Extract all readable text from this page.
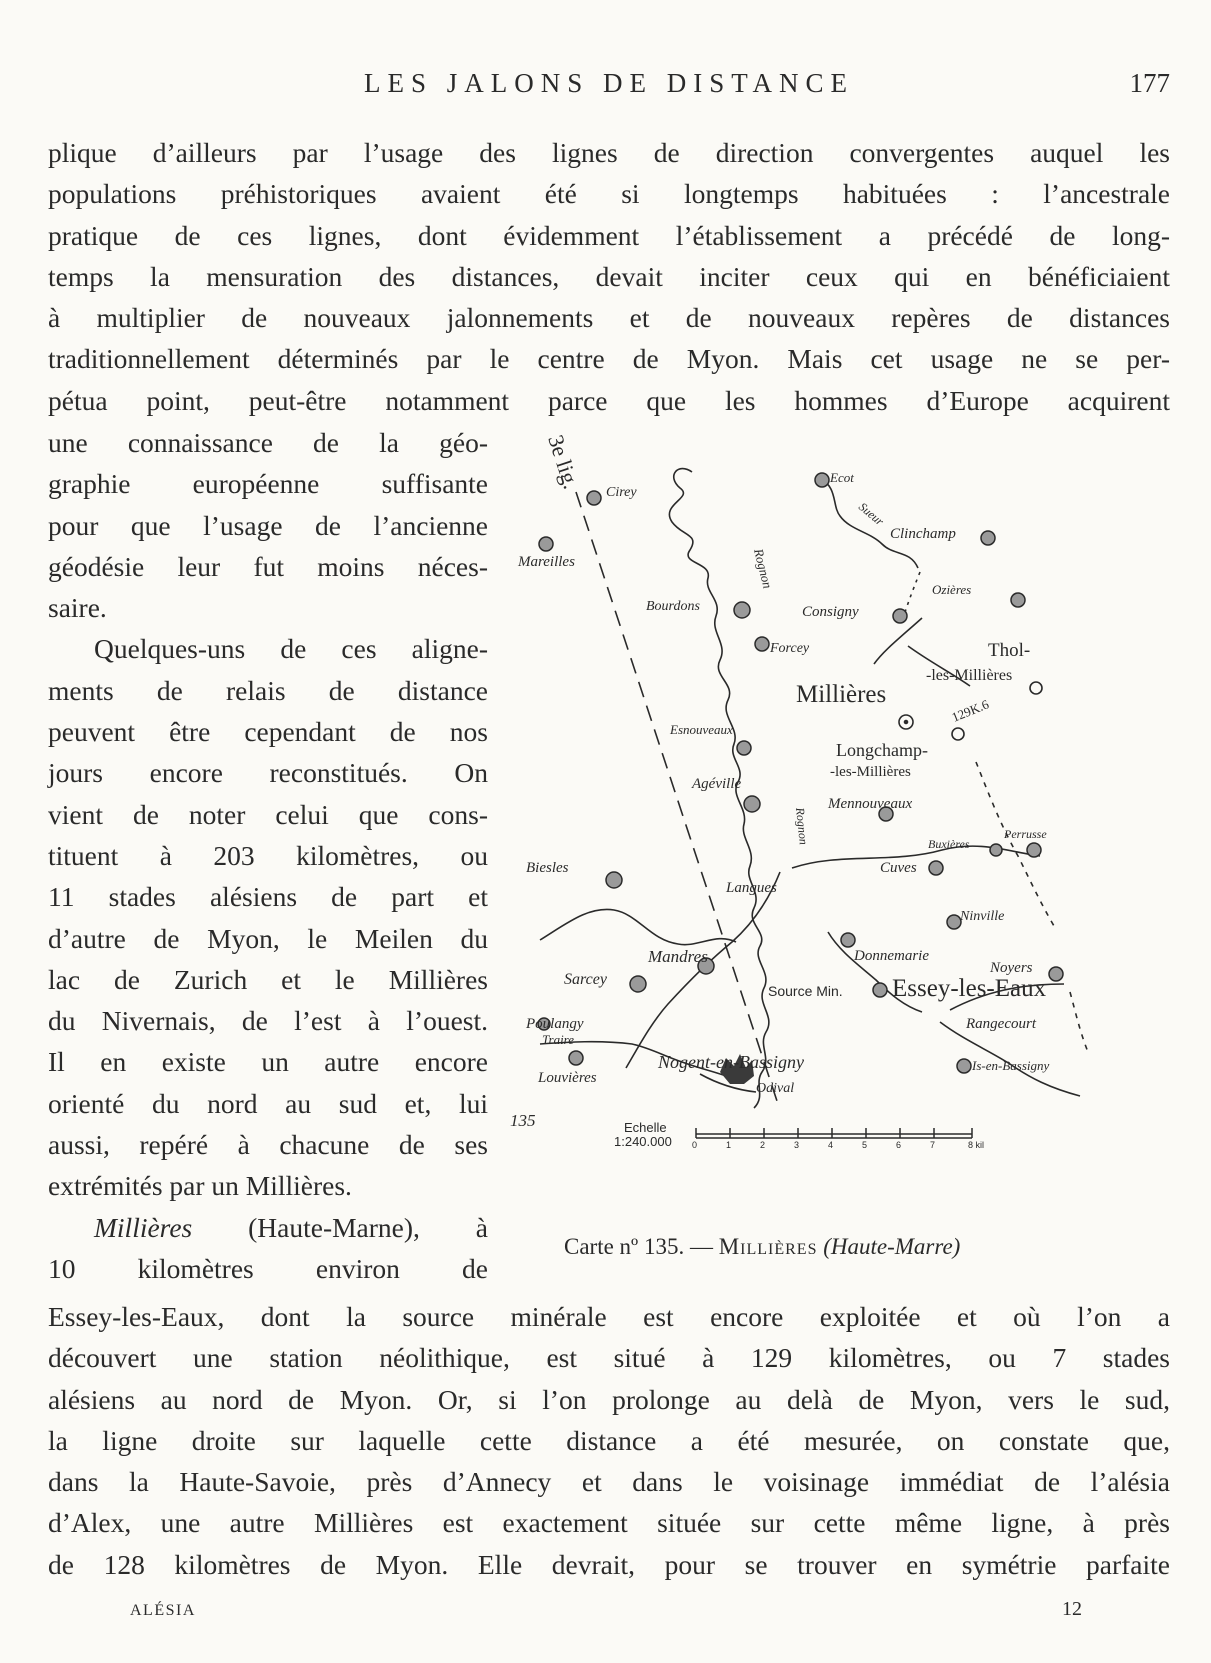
LES JALONS DE DISTANCE	177
plique d’ailleurs par l’usage des lignes de direction convergentes auquel les
populations préhistoriques avaient été si longtemps habituées : l’ancestrale
pratique de ces lignes, dont évidemment l’établissement a précédé de long-
temps la mensuration des distances, devait inciter ceux qui en bénéficiaient
à multiplier de nouveaux jalonnements et de nouveaux repères de distances
traditionnellement déterminés par le centre de Myon. Mais cet usage ne se per-
pétua point, peut-être notamment parce que les hommes d’Europe acquirent
une connaissance de la géo-
graphie européenne suffisante
pour que l’usage de l’ancienne
géodésie leur fut moins néces-
saire.
Quelques-uns de ces aligne-
ments de relais de distance
peuvent être cependant de nos
jours encore reconstitués. On
vient de noter celui que cons-
tituent à 203 kilomètres, ou
11 stades alésiens de part et
d’autre de Myon, le Meilen du
lac de Zurich et le Millières
du Nivernais, de l’est à l’ouest.
Il en existe un autre encore
orienté du nord au sud et, lui
aussi, repéré à chacune de ses
extrémités par un Millières.
Millières (Haute-Marne), à
10 kilomètres environ de
3e lig.
Cirey
Ecot
Clinchamp
Mareilles
Sueur
Ozières
Rognon
Bourdons	Consigny
Forcey	Thol-
-les-Millières
Millières
129K.6
Esnouveaux
Longchamp-
-les-Millières
Agéville
Mennouveaux
Rognon	Perrusse
Buxières
Biesles	Cuves
Langues
Ninville
Donnemarie
Mandres
Noyers
Sarcey
Source Min. Essey-les-Eaux
Poulangy
Traire
Rangecourt
Louvières
Nogent-en-Bassigny	Is-en-Bassigny
Odival
135	Echelle
1:240.000 0	1	2	3	4	5	6	7	8 kil
Carte nº 135. — Millières (Haute-Marre)
Essey-les-Eaux, dont la source minérale est encore exploitée et où l’on a
découvert une station néolithique, est situé à 129 kilomètres, ou 7 stades
alésiens au nord de Myon. Or, si l’on prolonge au delà de Myon, vers le sud,
la ligne droite sur laquelle cette distance a été mesurée, on constate que,
dans la Haute-Savoie, près d’Annecy et dans le voisinage immédiat de l’alésia
d’Alex, une autre Millières est exactement située sur cette même ligne, à près
de 128 kilomètres de Myon. Elle devrait, pour se trouver en symétrie parfaite
ALÉSIA	12
